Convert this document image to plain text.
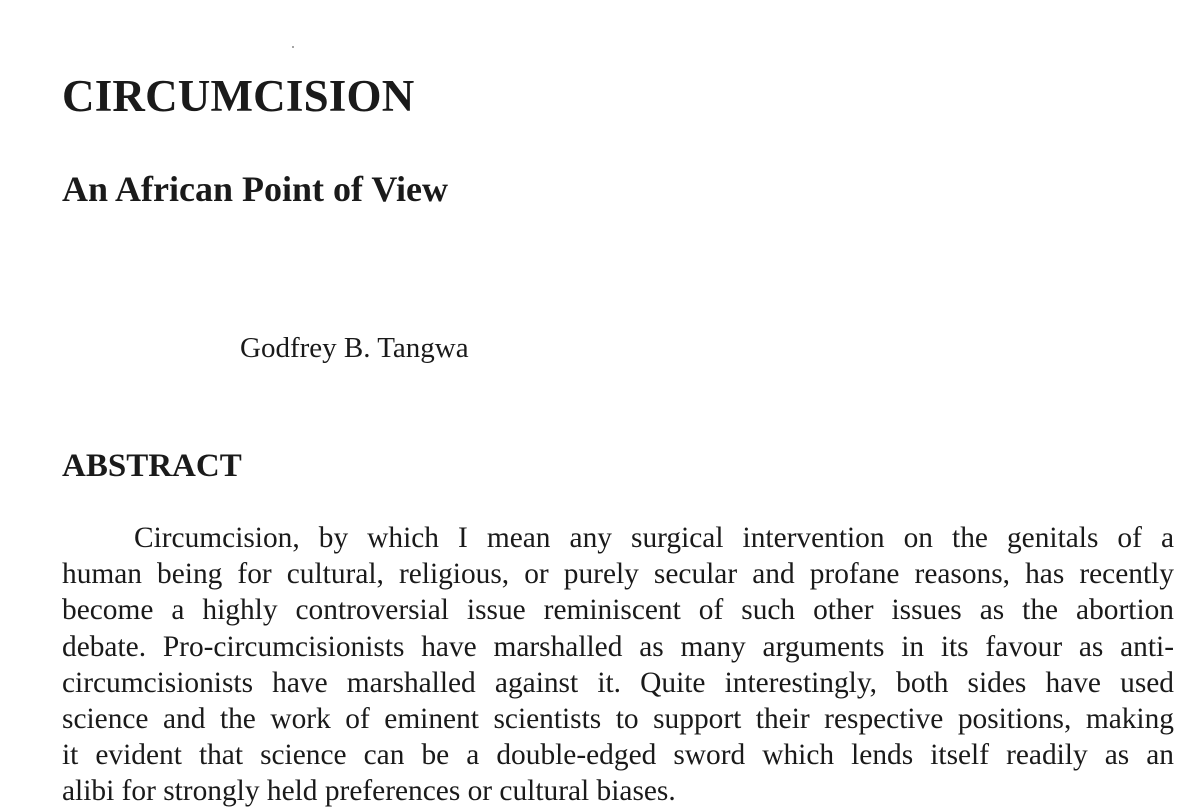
CIRCUMCISION
An African Point of View

Godfrey B. Tangwa

ABSTRACT
Circumcision, by which I mean any surgical intervention on the genitals of a
human being for cultural, religious, or purely secular and profane reasons, has recently
become a highly controversial issue reminiscent of such other issues as the abortion
debate. Pro-circumcisionists have marshalled as many arguments in its favour as anti-
circumcisionists have marshalled against it. Quite interestingly, both sides have used
science and the work of eminent scientists to support their respective positions, making
it evident that science can be a double-edged sword which lends itself readily as an
alibi for strongly held preferences or cultural biases.
